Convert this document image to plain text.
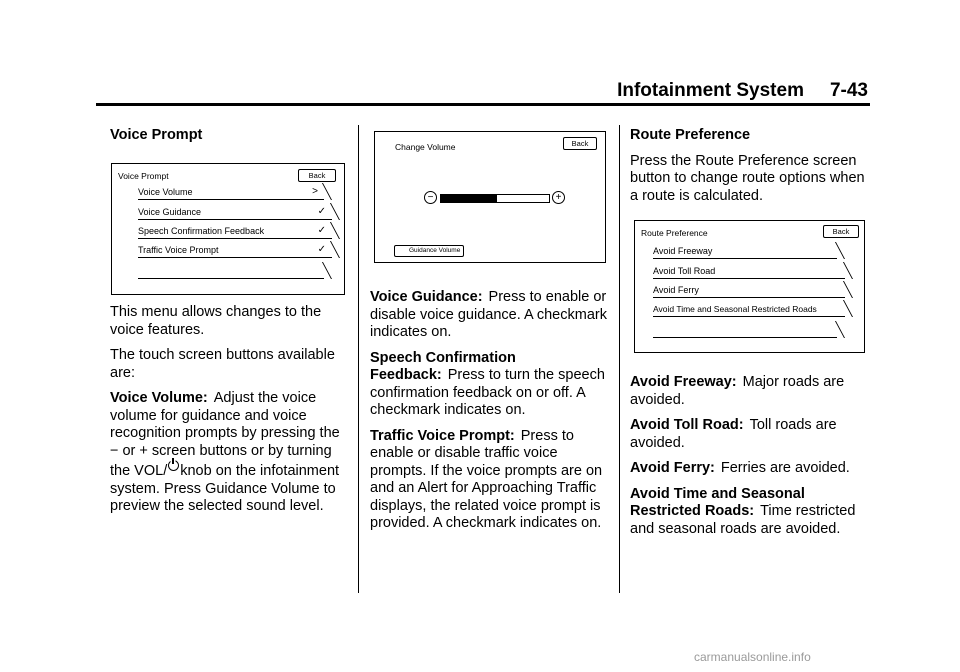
Infotainment System 7-43
Voice Prompt
Voice Prompt	Back
Voice Volume	>
Voice Guidance	✓
Speech Confirmation Feedback	✓
Traffic Voice Prompt	✓

This menu allows changes to the voice features.

The touch screen buttons available are:

Voice Volume: Adjust the voice volume for guidance and voice recognition prompts by pressing the − or + screen buttons or by turning the VOL/ knob on the infotainment system. Press Guidance Volume to preview the selected sound level.

Change Volume	Back
−	+
Guidance Volume

Voice Guidance: Press to enable or disable voice guidance. A checkmark indicates on.

Speech Confirmation Feedback: Press to turn the speech confirmation feedback on or off. A checkmark indicates on.

Traffic Voice Prompt: Press to enable or disable traffic voice prompts. If the voice prompts are on and an Alert for Approaching Traffic displays, the related voice prompt is provided. A checkmark indicates on.

Route Preference

Press the Route Preference screen button to change route options when a route is calculated.

Route Preference	Back
Avoid Freeway
Avoid Toll Road
Avoid Ferry
Avoid Time and Seasonal Restricted Roads

Avoid Freeway: Major roads are avoided.

Avoid Toll Road: Toll roads are avoided.

Avoid Ferry: Ferries are avoided.

Avoid Time and Seasonal Restricted Roads: Time restricted and seasonal roads are avoided.

carmanualsonline.info
